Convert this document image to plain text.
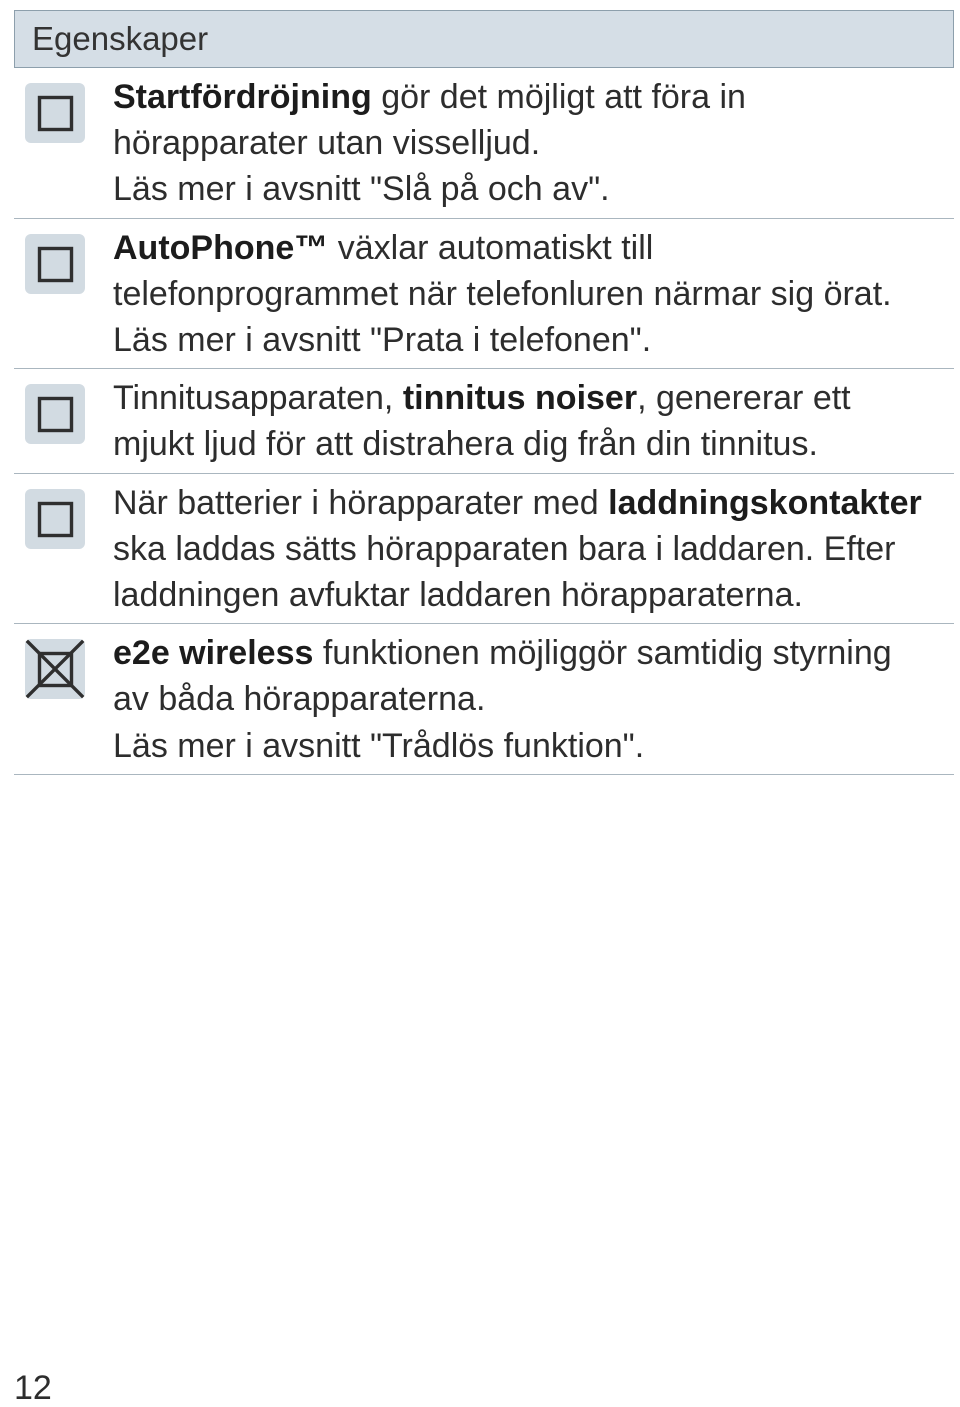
Egenskaper
Startfördröjning gör det möjligt att föra in
hörapparater utan visselljud.
Läs mer i avsnitt "Slå på och av".
AutoPhone™ växlar automatiskt till
telefonprogrammet när telefonluren närmar sig örat.
Läs mer i avsnitt "Prata i telefonen".
Tinnitusapparaten, tinnitus noiser, genererar ett
mjukt ljud för att distrahera dig från din tinnitus.
När batterier i hörapparater med laddningskontakter
ska laddas sätts hörapparaten bara i laddaren. Efter
laddningen avfuktar laddaren hörapparaterna.
e2e wireless funktionen möjliggör samtidig styrning
av båda hörapparaterna.
Läs mer i avsnitt "Trådlös funktion".
12
